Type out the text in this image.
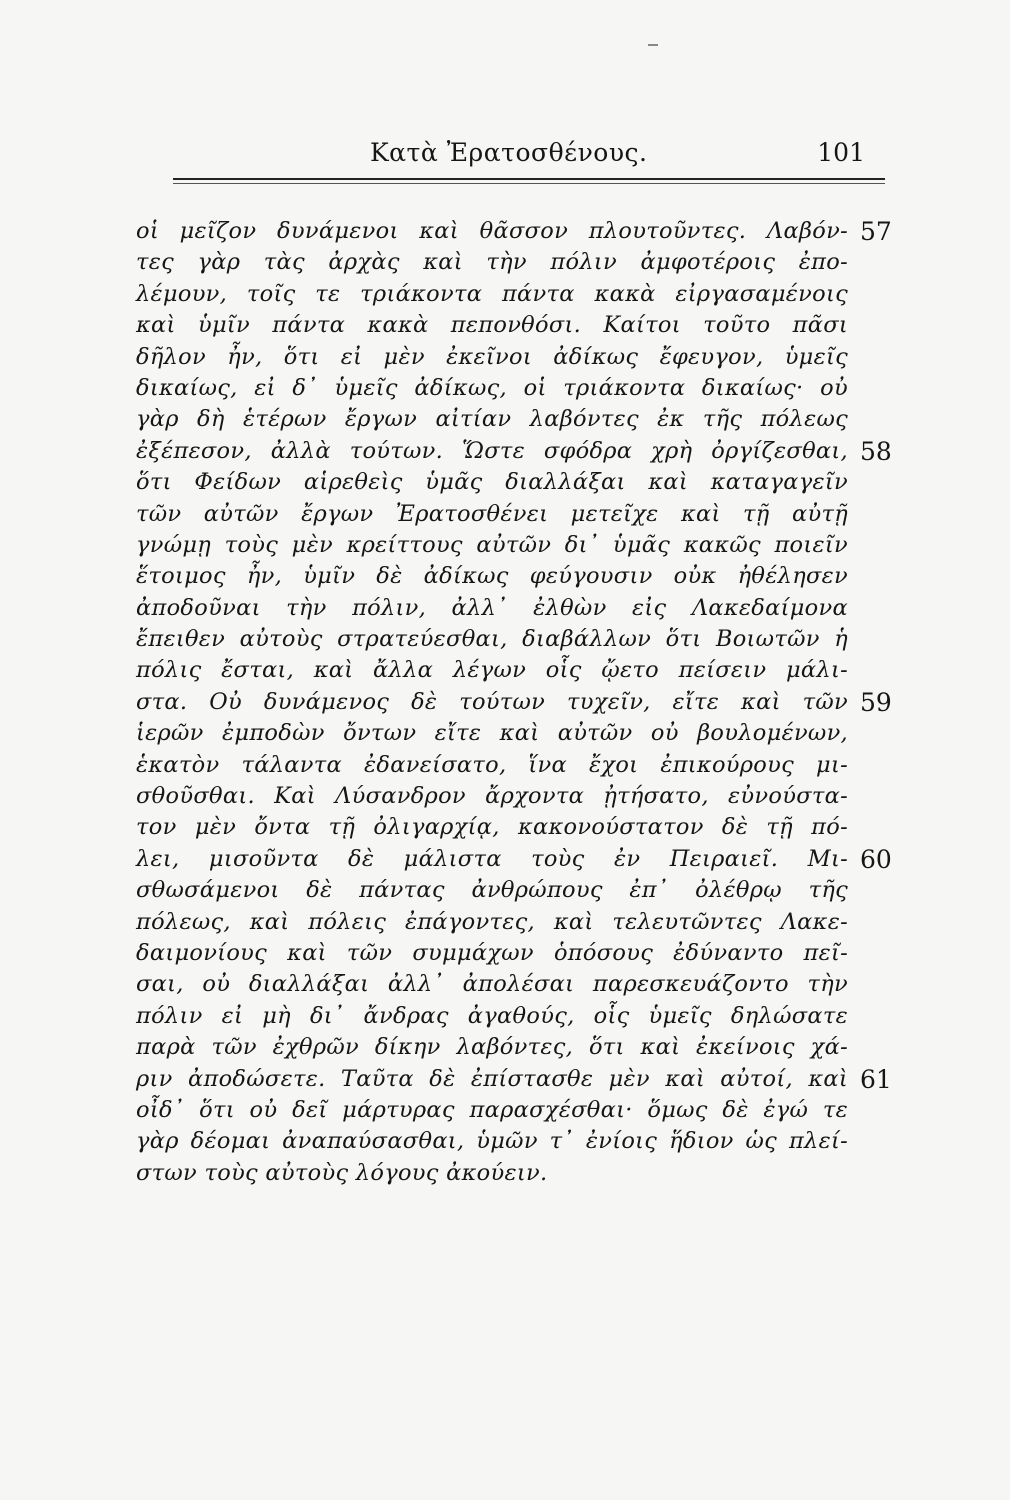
Κατὰ Ἐρατοσθένους.	101
οἱ μεῖζον δυνάμενοι καὶ θᾶσσον πλουτοῦντες. Λαβόν-
τες γὰρ τὰς ἀρχὰς καὶ τὴν πόλιν ἀμφοτέροις ἐπο-
λέμουν, τοῖς τε τριάκοντα πάντα κακὰ εἰργασαμένοις
καὶ ὑμῖν πάντα κακὰ πεπονθόσι. Καίτοι τοῦτο πᾶσι
δῆλον ἦν, ὅτι εἰ μὲν ἐκεῖνοι ἀδίκως ἔφευγον, ὑμεῖς
δικαίως, εἰ δ᾽ ὑμεῖς ἀδίκως, οἱ τριάκοντα δικαίως· οὐ
γὰρ δὴ ἑτέρων ἔργων αἰτίαν λαβόντες ἐκ τῆς πόλεως
ἐξέπεσον, ἀλλὰ τούτων. Ὥστε σφόδρα χρὴ ὀργίζεσθαι,
ὅτι Φείδων αἱρεθεὶς ὑμᾶς διαλλάξαι καὶ καταγαγεῖν
τῶν αὐτῶν ἔργων Ἐρατοσθένει μετεῖχε καὶ τῇ αὐτῇ
γνώμῃ τοὺς μὲν κρείττους αὐτῶν δι᾽ ὑμᾶς κακῶς ποιεῖν
ἕτοιμος ἦν, ὑμῖν δὲ ἀδίκως φεύγουσιν οὐκ ἠθέλησεν
ἀποδοῦναι τὴν πόλιν, ἀλλ᾽ ἐλθὼν εἰς Λακεδαίμονα
ἔπειθεν αὐτοὺς στρατεύεσθαι, διαβάλλων ὅτι Βοιωτῶν ἡ
πόλις ἔσται, καὶ ἄλλα λέγων οἷς ᾤετο πείσειν μάλι-
στα. Οὐ δυνάμενος δὲ τούτων τυχεῖν, εἴτε καὶ τῶν
ἱερῶν ἐμποδὼν ὄντων εἴτε καὶ αὐτῶν οὐ βουλομένων,
ἑκατὸν τάλαντα ἐδανείσατο, ἵνα ἔχοι ἐπικούρους μι-
σθοῦσθαι. Καὶ Λύσανδρον ἄρχοντα ᾐτήσατο, εὐνούστα-
τον μὲν ὄντα τῇ ὀλιγαρχίᾳ, κακονούστατον δὲ τῇ πό-
λει, μισοῦντα δὲ μάλιστα τοὺς ἐν Πειραιεῖ. Μι-
σθωσάμενοι δὲ πάντας ἀνθρώπους ἐπ᾽ ὀλέθρῳ τῆς
πόλεως, καὶ πόλεις ἐπάγοντες, καὶ τελευτῶντες Λακε-
δαιμονίους καὶ τῶν συμμάχων ὁπόσους ἐδύναντο πεῖ-
σαι, οὐ διαλλάξαι ἀλλ᾽ ἀπολέσαι παρεσκευάζοντο τὴν
πόλιν εἰ μὴ δι᾽ ἄνδρας ἀγαθούς, οἷς ὑμεῖς δηλώσατε
παρὰ τῶν ἐχθρῶν δίκην λαβόντες, ὅτι καὶ ἐκείνοις χά-
ριν ἀποδώσετε. Ταῦτα δὲ ἐπίστασθε μὲν καὶ αὐτοί, καὶ
οἶδ᾽ ὅτι οὐ δεῖ μάρτυρας παρασχέσθαι· ὅμως δὲ ἐγώ τε
γὰρ δέομαι ἀναπαύσασθαι, ὑμῶν τ᾽ ἐνίοις ἥδιον ὡς πλεί-
στων τοὺς αὐτοὺς λόγους ἀκούειν.
57
58
59
60
61
